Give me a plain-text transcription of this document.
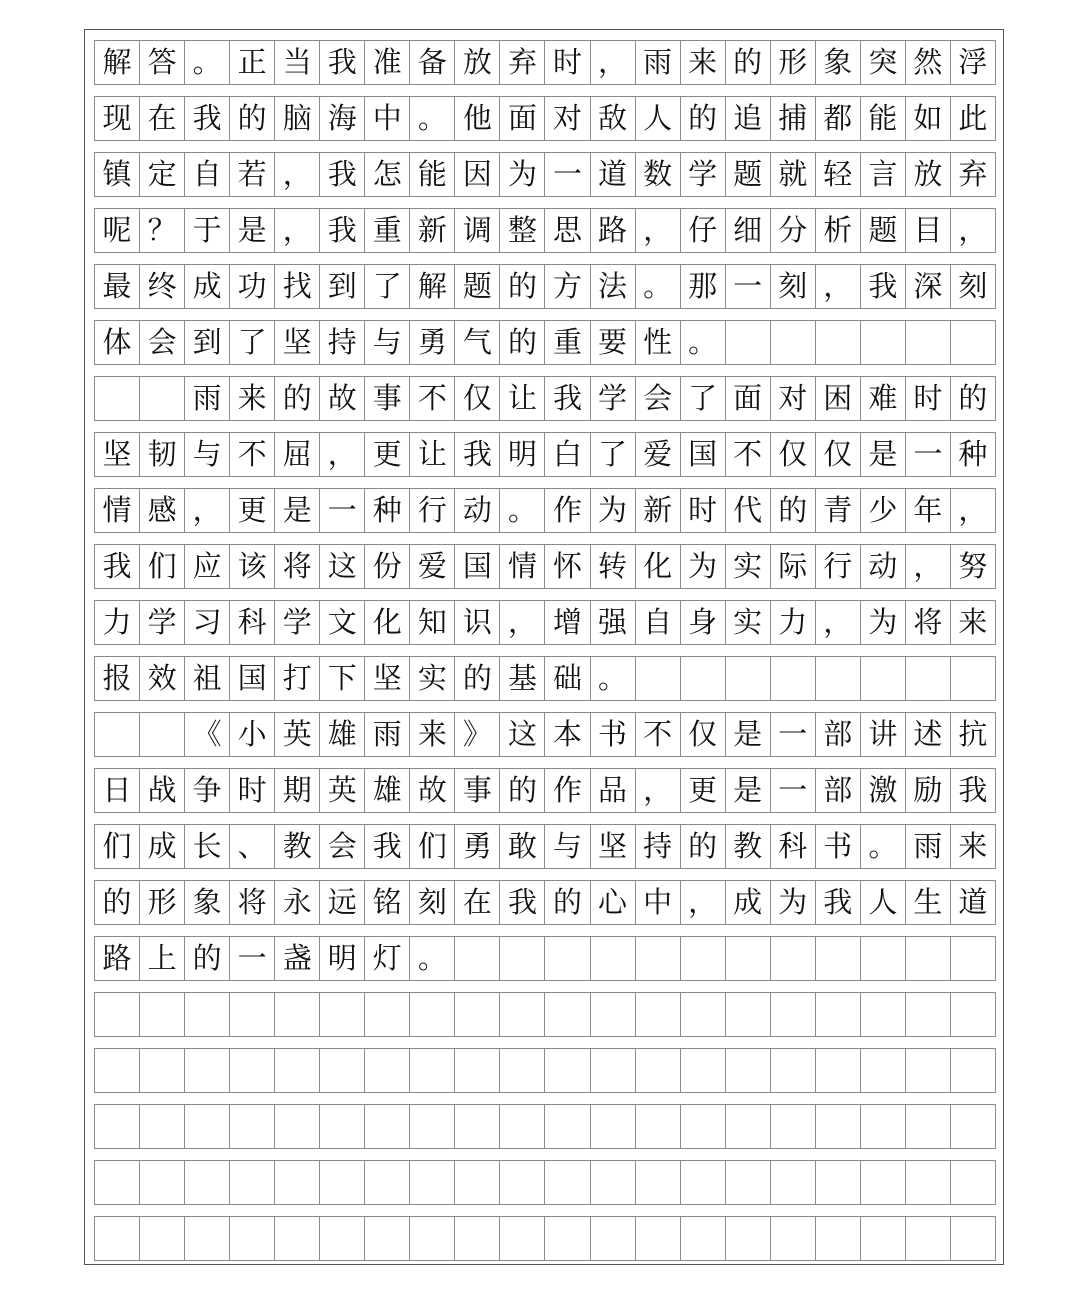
解 答 。 正 当 我 准 备 放 弃 时 ， 雨 来 的 形 象 突 然 浮
现 在 我 的 脑 海 中 。 他 面 对 敌 人 的 追 捕 都 能 如 此
镇 定 自 若 ， 我 怎 能 因 为 一 道 数 学 题 就 轻 言 放 弃
呢 ？ 于 是 ， 我 重 新 调 整 思 路 ， 仔 细 分 析 题 目 ，
最 终 成 功 找 到 了 解 题 的 方 法 。 那 一 刻 ， 我 深 刻
体 会 到 了 坚 持 与 勇 气 的 重 要 性 。
雨 来 的 故 事 不 仅 让 我 学 会 了 面 对 困 难 时 的
坚 韧 与 不 屈 ， 更 让 我 明 白 了 爱 国 不 仅 仅 是 一 种
情 感 ， 更 是 一 种 行 动 。 作 为 新 时 代 的 青 少 年 ，
我 们 应 该 将 这 份 爱 国 情 怀 转 化 为 实 际 行 动 ， 努
力 学 习 科 学 文 化 知 识 ， 增 强 自 身 实 力 ， 为 将 来
报 效 祖 国 打 下 坚 实 的 基 础 。
《 小 英 雄 雨 来 》 这 本 书 不 仅 是 一 部 讲 述 抗
日 战 争 时 期 英 雄 故 事 的 作 品 ， 更 是 一 部 激 励 我
们 成 长 、 教 会 我 们 勇 敢 与 坚 持 的 教 科 书 。 雨 来
的 形 象 将 永 远 铭 刻 在 我 的 心 中 ， 成 为 我 人 生 道
路 上 的 一 盏 明 灯 。
